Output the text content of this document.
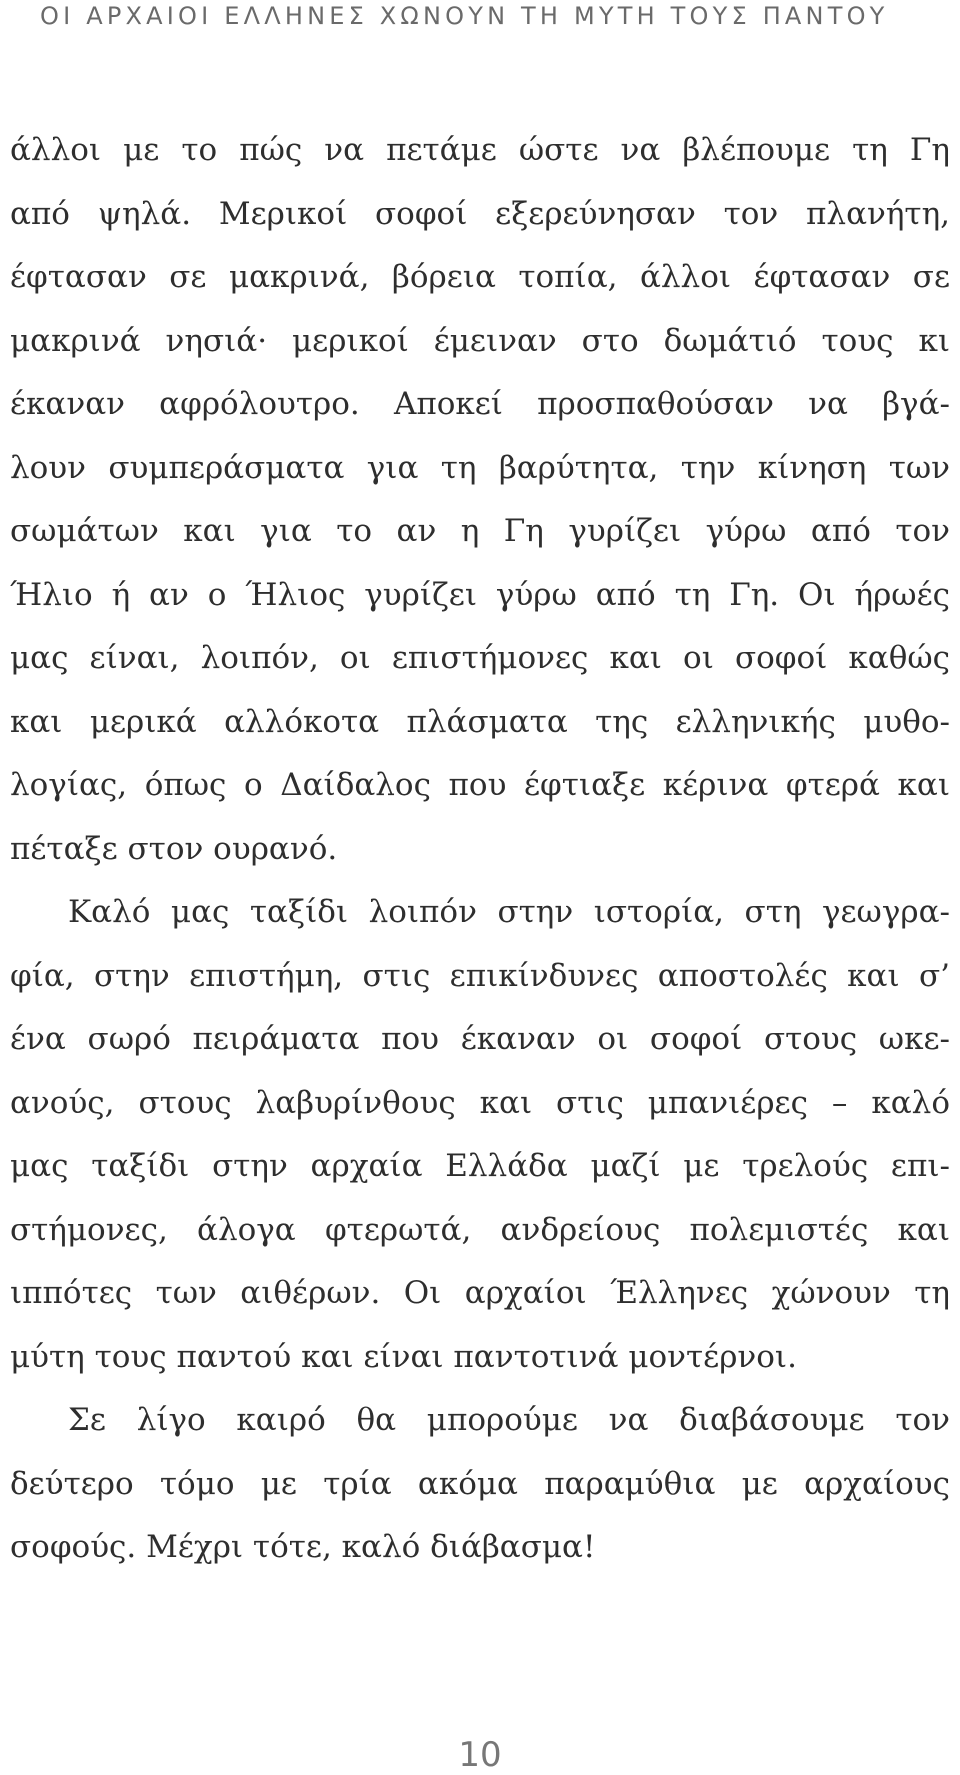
ΟΙ ΑΡΧΑΙΟΙ ΕΛΛΗΝΕΣ ΧΩΝΟΥΝ ΤΗ ΜΥΤΗ ΤΟΥΣ ΠΑΝΤΟΥ
άλλοι με το πώς να πετάμε ώστε να βλέπουμε τη Γη
από ψηλά. Μερικοί σοφοί εξερεύνησαν τον πλανήτη,
έφτασαν σε μακρινά, βόρεια τοπία, άλλοι έφτασαν σε
μακρινά νησιά· μερικοί έμειναν στο δωμάτιό τους κι
έκαναν αφρόλουτρο. Αποκεί προσπαθούσαν να βγά-
λουν συμπεράσματα για τη βαρύτητα, την κίνηση των
σωμάτων και για το αν η Γη γυρίζει γύρω από τον
Ήλιο ή αν ο Ήλιος γυρίζει γύρω από τη Γη. Οι ήρωές
μας είναι, λοιπόν, οι επιστήμονες και οι σοφοί καθώς
και μερικά αλλόκοτα πλάσματα της ελληνικής μυθο-
λογίας, όπως ο Δαίδαλος που έφτιαξε κέρινα φτερά και
πέταξε στον ουρανό.
Καλό μας ταξίδι λοιπόν στην ιστορία, στη γεωγρα-
φία, στην επιστήμη, στις επικίνδυνες αποστολές και σ’
ένα σωρό πειράματα που έκαναν οι σοφοί στους ωκε-
ανούς, στους λαβυρίνθους και στις μπανιέρες – καλό
μας ταξίδι στην αρχαία Ελλάδα μαζί με τρελούς επι-
στήμονες, άλογα φτερωτά, ανδρείους πολεμιστές και
ιππότες των αιθέρων. Οι αρχαίοι Έλληνες χώνουν τη
μύτη τους παντού και είναι παντοτινά μοντέρνοι.
Σε λίγο καιρό θα μπορούμε να διαβάσουμε τον
δεύτερο τόμο με τρία ακόμα παραμύθια με αρχαίους
σοφούς. Μέχρι τότε, καλό διάβασμα!
10
